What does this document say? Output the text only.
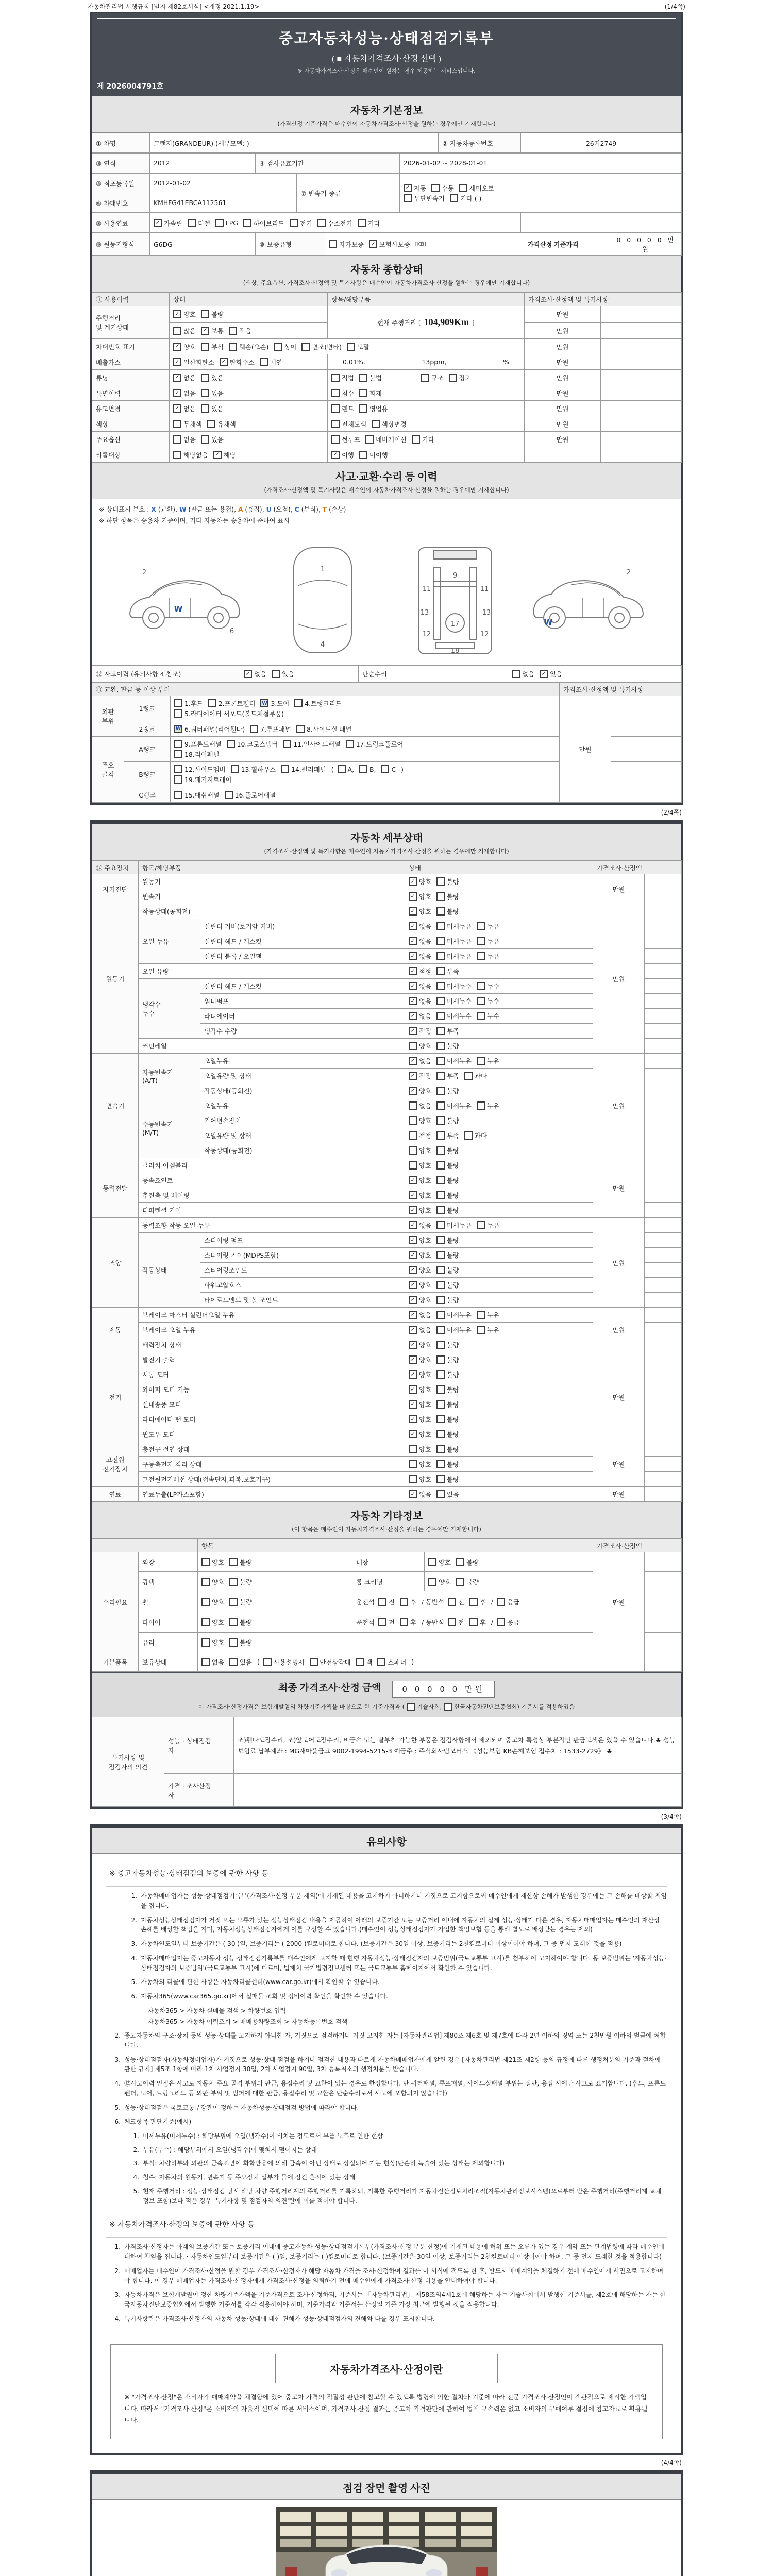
자동차관리법 시행규칙 [별지 제82호서식] <개정 2021.1.19>	(1/4쪽)
중고자동차성능·상태점검기록부
( ■ 자동차가격조사·산정 선택 )
※ 자동차가격조사·산정은 매수인이 원하는 경우 제공하는 서비스입니다.
제 2026004791호
자동차 기본정보
(가격산정 기준가격은 매수인이 자동차가격조사·산정을 원하는 경우에만 기재합니다)
① 차명	그랜저(GRANDEUR) (세부모델: )	② 자동차등록번호	26거2749
③ 연식	2012	④ 검사유효기간	2026-01-02 ~ 2028-01-01
⑤ 최초등록일	2012-01-02	⑦ 변속기 종류	
✓ 자동 수동 세미오토
무단변속기 기타 ( )

⑥ 차대번호	KMHFG41EBCA112561		
⑧ 사용연료	✓ 가솔린 디젤 LPG 하이브리드 전기 수소전기 기타

⑨ 원동기형식	G6DG	⑩ 보증유형	자가보증	✓ 보험사보증 [KB]	가격산정 기준가격	0 0 0 0 0 만원
자동차 종합상태
(색상, 주요옵션, 가격조사·산정액 및 특기사항은 매수인이 자동차가격조사·산정을 원하는 경우에만 기재합니다)
⑪ 사용이력	상태	항목/해당부품	가격조사·산정액 및 특기사항	
주행거리
및 계기상태	✓ 양호 불량	현재 주행거리 [ 104,909Km ]	만원	

	많음 ✓ 보통 적음		만원	
차대번호 표기	✓ 양호 부식 훼손(오손) 상이 변조(변타) 도말	만원	
배출가스	✓ 일산화탄소 ✓ 탄화수소 매연	0.01%, 13ppm, %	만원	
튜닝	✓ 없음 있음	적법 불법 구조 장치	만원	
특별이력	✓ 없음 있음	침수 화재	만원	
용도변경	✓ 없음 있음	렌트 영업용	만원	
색상	무채색 유채색	전체도색 색상변경	만원	
주요옵션	없음 있음	썬루프 네비게이션 기타	만원	
리콜대상	해당없음 ✓ 해당	✓ 이행 미이행		

사고·교환·수리 등 이력
(가격조사·산정액 및 특기사항은 매수인이 자동차가격조사·산정을 원하는 경우에만 기재합니다)
※ 상태표시 부호 : X (교환), W (판금 또는 용접), A (흠집), U (요철), C (부식), T (손상)
※ 하단 항목은 승용차 기준이며, 기타 자동차는 승용차에 준하여 표시
2
6
1
4
9
11	11
13	13
12	12
17
18
2
W
W
⑫ 사고이력 (유의사항 4.참조)	✓ 없음 있음	단순수리	없음	✓ 있음
⑬ 교환, 판금 등 이상 부위			가격조사·산정액 및 특기사항	
외판
부위	1랭크	
1.후드 2.프론트휀더 W 3.도어 4.트렁크리드
5.라디에이터 서포트(볼트체결부품)
	만원	
	2랭크	W 6.쿼터패널(리어휀다) 7.루프패널 8.사이드실 패널		

주요
골격	A랭크	
9.프론트패널 10.크로스멤버 11.인사이드패널 17.트렁크플로어
18.리어패널

B랭크	
12.사이드멤버 13.휠하우스 14.필러패널 ( A, B, C )
19.패키지트레이

	C랭크	15.대쉬패널 16.플로어패널		

(2/4쪽)
자동차 세부상태
(가격조사·산정액 및 특기사항은 매수인이 자동차가격조사·산정을 원하는 경우에만 기재합니다)
⑭ 주요장치	항목/해당부품		상태	가격조사·산정액	
자기진단	원동기		✓ 양호 불량	만원	
	변속기		✓ 양호 불량		

원동기	작동상태(공회전)		✓ 양호 불량	만원	
	오일 누유	실린더 커버(로커암 커버)	✓ 없음 미세누유 누유		

		실린더 헤드 / 개스킷	✓ 없음 미세누유 누유		

		실린더 블록 / 오일팬	✓ 없음 미세누유 누유		

	오일 유량		✓ 적정 부족		

	냉각수
누수	실린더 헤드 / 개스킷	✓ 없음 미세누수 누수		

		워터펌프	✓ 없음 미세누수 누수		

		라디에이터	✓ 없음 미세누수 누수		

		냉각수 수량	✓ 적정 부족		

	커먼레일		양호 불량		

변속기	자동변속기
(A/T)	오일누유	✓ 없음 미세누유 누유	만원	
		오일유량 및 상태	✓ 적정 부족 과다		

		작동상태(공회전)	✓ 양호 불량		

	수동변속기
(M/T)	오일누유	없음 미세누유 누유		

		기어변속장치	양호 불량		

		오일유량 및 상태	적정 부족 과다		

		작동상태(공회전)	양호 불량		

동력전달	클러치 어셈블리		양호 불량	만원	
	등속죠인트		✓ 양호 불량		

	추진축 및 베어링		✓ 양호 불량		

	디퍼렌셜 기어		✓ 양호 불량		

조향	동력조향 작동 오일 누유		✓ 없음 미세누유 누유	만원	
	작동상태	스티어링 펌프	✓ 양호 불량		

		스티어링 기어(MDPS포함)	✓ 양호 불량		

		스티어링조인트	✓ 양호 불량		

		파워고압호스	✓ 양호 불량		

		타이로드엔드 및 볼 조인트	✓ 양호 불량		

제동	브레이크 마스터 실린더오일 누유		✓ 없음 미세누유 누유	만원	
	브레이크 오일 누유		✓ 없음 미세누유 누유		

	배력장치 상태		✓ 양호 불량		

전기	발전기 출력		✓ 양호 불량	만원	
	시동 모터		✓ 양호 불량		

	와이퍼 모터 기능		✓ 양호 불량		

	실내송풍 모터		✓ 양호 불량		

	라디에이터 팬 모터		✓ 양호 불량		

	윈도우 모터		✓ 양호 불량		

고전원
전기장치	충전구 절연 상태		양호 불량	만원	
	구동축전지 격리 상태		양호 불량		

	고전원전기배선 상태(접속단자,피복,보호기구)		양호 불량		

연료	연료누출(LP가스포함)		✓ 없음 있음	만원	
자동차 기타정보
(이 항목은 매수인이 자동차가격조사·산정을 원하는 경우에만 기재합니다)
		항목			가격조사·산정액	
수리필요	외장	양호 불량	내장	양호 불량	만원	
	광택	양호 불량	룸 크리닝	양호 불량		

휠	양호 불량	운전석 전 후 / 동반석 전 후 / 응급

타이어	양호 불량	운전석 전 후 / 동반석 전 후 / 응급

	유리	양호 불량				

기본품목	보유상태	없음 있음 ( 사용설명서 안전삼각대 잭 스패너 )

최종 가격조사·산정 금액	0 0 0 0 0 만원
이 가격조사·산정가격은 보험개발원의 차량기준가액을 바탕으로 한 기준가격과 ( 기술사회, 한국자동차진단보증협회) 기준서를 적용하였음
특기사항 및
점검자의 의견	성능 · 상태점검
자	조)휀다도장수리, 조)앞도어도장수리, 비금속 또는 탈부착 가능한 부품은 점검사항에서 제외되며 중고차 특성상 부분적인 판금도색은 있을 수 있습니다.♣ 성능보험료 납부계좌 : MG새마을금고 9002-1994-5215-3 예금주 : 주식회사팀모터스 《성능보험 KB손해보험 접수처 : 1533-2729》 ♣
	가격 · 조사산정
자	
(3/4쪽)
유의사항
※ 중고자동차성능·상태점검의 보증에 관한 사항 등
1. 자동차매매업자는 성능·상태점검기록부(가격조사·산정 부분 제외)에 기재된 내용을 고지하지 아니하거나 거짓으로 고지함으로써 매수인에게 재산상 손해가 발생한 경우에는 그 손해를 배상할 책임을 집니다.
2. 자동차성능상태점검자가 거짓 또는 오류가 있는 성능상태점검 내용을 제공하여 아래의 보증기간 또는 보증거리 이내에 자동차의 실제 성능·상태가 다른 경우, 자동차매매업자는 매수인의 재산상 손해를 배상할 책임을 지며, 자동차성능상태점검자에게 이를 구상할 수 있습니다.(매수인이 성능상태점검자가 가입한 책임보험 등을 통해 별도로 배상받는 경우는 제외)
3. 자동차인도일부터 보증기간은 ( 30 )일, 보증거리는 ( 2000 )킬로미터로 합니다. (보증기간은 30일 이상, 보증거리는 2천킬로미터 이상이어야 하며, 그 중 먼저 도래한 것을 적용)
4. 자동차매매업자는 중고자동차 성능·상태점검기록부를 매수인에게 고지할 때 현행 자동차성능·상태점검자의 보증범위(국토교통부 고시)를 첨부하여 고지하여야 합니다. 동 보증범위는 '자동차성능·상태점검자의 보증범위'(국토교통부 고시)에 따르며, 법제처 국가법령정보센터 또는 국토교통부 홈페이지에서 확인할 수 있습니다.
5. 자동차의 리콜에 관한 사항은 자동차리콜센터(www.car.go.kr)에서 확인할 수 있습니다.
6. 자동차365(www.car365.go.kr)에서 실매물 조회 및 정비이력 확인을 확인할 수 있습니다.
- 자동차365 > 자동차 실매물 검색 > 차량번호 입력
- 자동차365 > 자동차 이력조회 > 매매용차량조회 > 자동차등록번호 검색
2. 중고자동차의 구조·장치 등의 성능·상태를 고지하지 아니한 자, 거짓으로 점검하거나 거짓 고지한 자는 [자동차관리법] 제80조 제6호 및 제7호에 따라 2년 이하의 징역 또는 2천만원 이하의 벌금에 처합니다.
3. 성능·상태점검자(자동차정비업자)가 거짓으로 성능·상태 점검을 하거나 점검한 내용과 다르게 자동차매매업자에게 알린 경우 [자동차관리법 제21조 제2항 등의 규정에 따른 행정처분의 기준과 절차에 관한 규칙] 제5조 1항에 따라 1차 사업정지 30일, 2차 사업정지 90일, 3차 등록취소의 행정처분을 받습니다.
4. ⑫사고이력 인정은 사고로 자동차 주요 골격 부위의 판금, 용접수리 및 교환이 있는 경우로 한정합니다. 단 쿼터패널, 루프패널, 사이드실패널 부위는 절단, 용접 시에만 사고로 표기합니다. (후드, 프론트펜더, 도어, 트렁크리드 등 외판 부위 및 범퍼에 대한 판금, 용접수리 및 교환은 단순수리로서 사고에 포함되지 않습니다)
5. 성능·상태점검은 국토교통부장관이 정하는 자동차성능·상태점검 방법에 따라야 합니다.
6. 체크항목 판단기준(예시)
1. 미세누유(미세누수) : 해당부위에 오일(냉각수)이 비치는 정도로서 부품 노후로 인한 현상
2. 누유(누수) : 해당부위에서 오일(냉각수)이 맺혀서 떨어지는 상태
3. 부식: 차량하부와 외판의 금속표면이 화학반응에 의해 금속이 아닌 상태로 상실되어 가는 현상(단순히 녹슬어 있는 상태는 제외합니다)
4. 침수: 자동차의 원동기, 변속기 등 주요장치 일부가 물에 잠긴 흔적이 있는 상태
5. 현재 주행거리 : 성능·상태점검 당시 해당 차량 주행거리계의 주행거리를 기록하되, 기록한 주행거리가 자동차전산정보처리조직(자동차관리정보시스템)으로부터 받은 주행거리(주행거리계 교체 정보 포함)보다 적은 경우 '특기사항 및 점검자의 의견'란에 이를 적어야 합니다.
※ 자동차가격조사·산정의 보증에 관한 사항 등
1. 가격조사·산정자는 아래의 보증기간 또는 보증거리 이내에 중고자동차 성능·상태점검기록부(가격조사·산정 부분 한정)에 기재된 내용에 허위 또는 오류가 있는 경우 계약 또는 관계법령에 따라 매수인에 대하여 책임을 집니다. · 자동차인도일부터 보증기간은 ( )일, 보증거리는 ( )킬로미터로 합니다. (보증기간은 30일 이상, 보증거리는 2천킬로미터 이상이어야 하며, 그 중 먼저 도래한 것을 적용합니다)
2. 매매업자는 매수인이 가격조사·산정을 원할 경우 가격조사·산정자가 해당 자동차 가격을 조사·산정하여 결과를 이 서식에 적도록 한 후, 반드시 매매계약을 체결하기 전에 매수인에게 서면으로 고지하여야 합니다. 이 경우 매매업자는 가격조사·산정자에게 가격조사·산정을 의뢰하기 전에 매수인에게 가격조사·산정 비용을 안내하여야 합니다.
3. 자동차가격은 보험개발원이 정한 차량기준가액을 기준가격으로 조사·산정하되, 기준서는 「자동차관리법」 제58조의4제1호에 해당하는 자는 기술사회에서 발행한 기준서를, 제2호에 해당하는 자는 한국자동차진단보증협회에서 발행한 기준서를 각각 적용하여야 하며, 기준가격과 기준서는 산정일 기준 가장 최근에 발행된 것을 적용합니다.
4. 특기사항란은 가격조사·산정자의 자동차 성능·상태에 대한 견해가 성능·상태점검자의 견해와 다를 경우 표시합니다.
자동차가격조사·산정이란
※ "가격조사·산정"은 소비자가 매매계약을 체결함에 있어 중고차 가격의 적절성 판단에 참고할 수 있도록 법령에 의한 절차와 기준에 따라 전문 가격조사·산정인이 객관적으로 제시한 가액입니다. 따라서 "가격조사·산정"은 소비자의 자율적 선택에 따른 서비스이며, 가격조사·산정 결과는 중고차 가격판단에 관하여 법적 구속력은 없고 소비자의 구매여부 결정에 참고자료로 활용됩니다.
(4/4쪽)
점검 장면 촬영 사진
